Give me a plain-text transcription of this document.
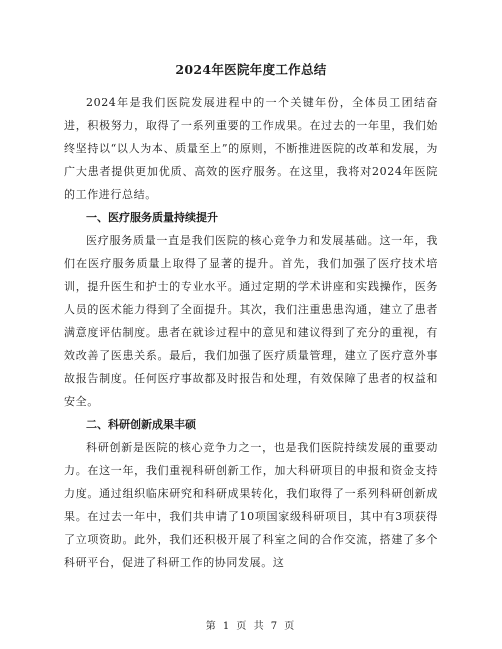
2024年医院年度工作总结

2024年是我们医院发展进程中的一个关键年份，全体员工团结奋进，积极努力，取得了一系列重要的工作成果。在过去的一年里，我们始终坚持以“以人为本、质量至上”的原则，不断推进医院的改革和发展，为广大患者提供更加优质、高效的医疗服务。在这里，我将对2024年医院的工作进行总结。

一、医疗服务质量持续提升

医疗服务质量一直是我们医院的核心竞争力和发展基础。这一年，我们在医疗服务质量上取得了显著的提升。首先，我们加强了医疗技术培训，提升医生和护士的专业水平。通过定期的学术讲座和实践操作，医务人员的医术能力得到了全面提升。其次，我们注重患患沟通，建立了患者满意度评估制度。患者在就诊过程中的意见和建议得到了充分的重视，有效改善了医患关系。最后，我们加强了医疗质量管理，建立了医疗意外事故报告制度。任何医疗事故都及时报告和处理，有效保障了患者的权益和安全。

二、科研创新成果丰硕

科研创新是医院的核心竞争力之一，也是我们医院持续发展的重要动力。在这一年，我们重视科研创新工作，加大科研项目的申报和资金支持力度。通过组织临床研究和科研成果转化，我们取得了一系列科研创新成果。在过去一年中，我们共申请了10项国家级科研项目，其中有3项获得了立项资助。此外，我们还积极开展了科室之间的合作交流，搭建了多个科研平台，促进了科研工作的协同发展。这

第 1 页 共 7 页
